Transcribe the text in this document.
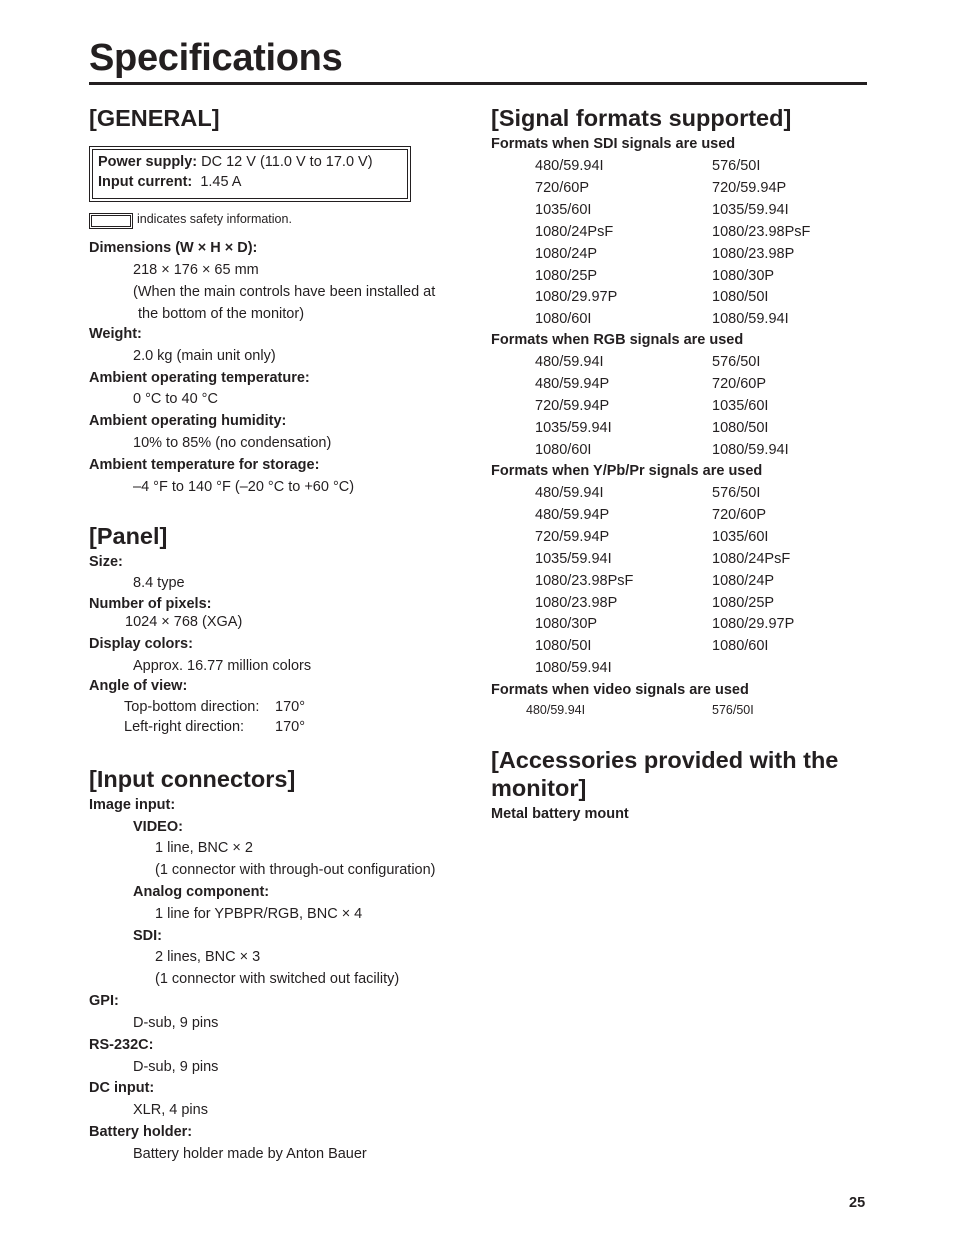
Specifications
[GENERAL]
Power supply: DC 12 V (11.0 V to 17.0 V)
Input current: 1.45 A
indicates safety information.
Dimensions (W × H × D):
218 × 176 × 65 mm
(When the main controls have been installed at
the bottom of the monitor)
Weight:
2.0 kg (main unit only)
Ambient operating temperature:
0 °C to 40 °C
Ambient operating humidity:
10% to 85% (no condensation)
Ambient temperature for storage:
–4 °F to 140 °F (–20 °C to +60 °C)
[Panel]
Size:
8.4 type
Number of pixels:
1024 × 768 (XGA)
Display colors:
Approx. 16.77 million colors
Angle of view:
Top-bottom direction: 170°
Left-right direction: 170°
[Input connectors]
Image input:
VIDEO:
1 line, BNC × 2
(1 connector with through-out configuration)
Analog component:
1 line for YPBPR/RGB, BNC × 4
SDI:
2 lines, BNC × 3
(1 connector with switched out facility)
GPI:
D-sub, 9 pins
RS-232C:
D-sub, 9 pins
DC input:
XLR, 4 pins
Battery holder:
Battery holder made by Anton Bauer
[Signal formats supported]
Formats when SDI signals are used
480/59.94I	576/50I
720/60P	720/59.94P
1035/60I	1035/59.94I
1080/24PsF	1080/23.98PsF
1080/24P	1080/23.98P
1080/25P	1080/30P
1080/29.97P	1080/50I
1080/60I	1080/59.94I
Formats when RGB signals are used
480/59.94I	576/50I
480/59.94P	720/60P
720/59.94P	1035/60I
1035/59.94I	1080/50I
1080/60I	1080/59.94I
Formats when Y/Pb/Pr signals are used
480/59.94I	576/50I
480/59.94P	720/60P
720/59.94P	1035/60I
1035/59.94I	1080/24PsF
1080/23.98PsF	1080/24P
1080/23.98P	1080/25P
1080/30P	1080/29.97P
1080/50I	1080/60I
1080/59.94I
Formats when video signals are used
480/59.94I	576/50I
[Accessories provided with the
monitor]
Metal battery mount
25
